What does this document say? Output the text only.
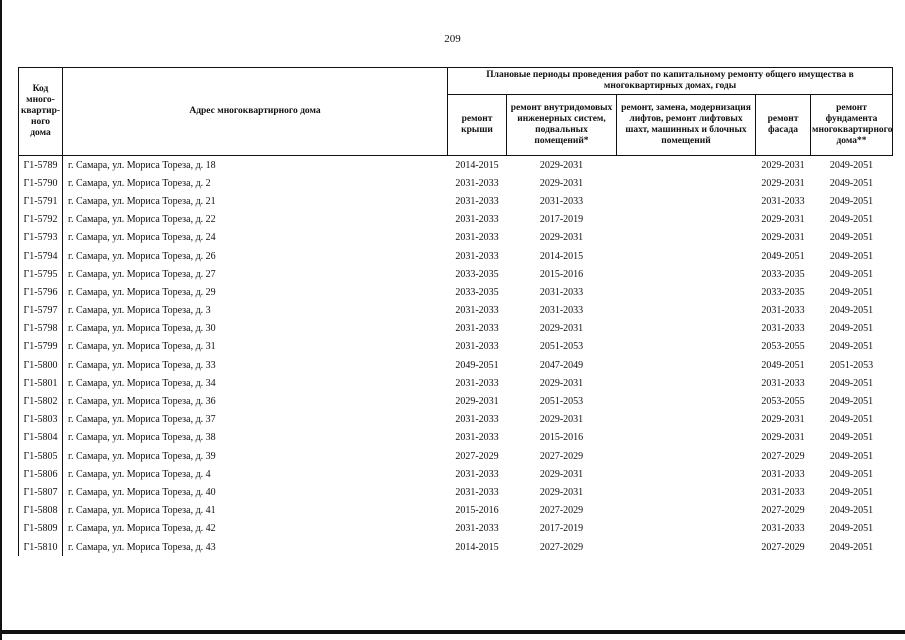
209
Код много-квартир-ного дома	Адрес многоквартирного дома	Плановые периоды проведения работ по капитальному ремонту общего имущества в многоквартирных домах, годы				
		ремонт крыши	ремонт внутридомовых инженерных систем, подвальных помещений*	ремонт, замена, модернизация лифтов, ремонт лифтовых шахт, машинных и блочных помещений	ремонт фасада	ремонт фундамента многоквартирного дома**
Г1-5789	г. Самара, ул. Мориса Тореза, д. 18	2014-2015	2029-2031		2029-2031	2049-2051
Г1-5790	г. Самара, ул. Мориса Тореза, д. 2	2031-2033	2029-2031		2029-2031	2049-2051
Г1-5791	г. Самара, ул. Мориса Тореза, д. 21	2031-2033	2031-2033		2031-2033	2049-2051
Г1-5792	г. Самара, ул. Мориса Тореза, д. 22	2031-2033	2017-2019		2029-2031	2049-2051
Г1-5793	г. Самара, ул. Мориса Тореза, д. 24	2031-2033	2029-2031		2029-2031	2049-2051
Г1-5794	г. Самара, ул. Мориса Тореза, д. 26	2031-2033	2014-2015		2049-2051	2049-2051
Г1-5795	г. Самара, ул. Мориса Тореза, д. 27	2033-2035	2015-2016		2033-2035	2049-2051
Г1-5796	г. Самара, ул. Мориса Тореза, д. 29	2033-2035	2031-2033		2033-2035	2049-2051
Г1-5797	г. Самара, ул. Мориса Тореза, д. 3	2031-2033	2031-2033		2031-2033	2049-2051
Г1-5798	г. Самара, ул. Мориса Тореза, д. 30	2031-2033	2029-2031		2031-2033	2049-2051
Г1-5799	г. Самара, ул. Мориса Тореза, д. 31	2031-2033	2051-2053		2053-2055	2049-2051
Г1-5800	г. Самара, ул. Мориса Тореза, д. 33	2049-2051	2047-2049		2049-2051	2051-2053
Г1-5801	г. Самара, ул. Мориса Тореза, д. 34	2031-2033	2029-2031		2031-2033	2049-2051
Г1-5802	г. Самара, ул. Мориса Тореза, д. 36	2029-2031	2051-2053		2053-2055	2049-2051
Г1-5803	г. Самара, ул. Мориса Тореза, д. 37	2031-2033	2029-2031		2029-2031	2049-2051
Г1-5804	г. Самара, ул. Мориса Тореза, д. 38	2031-2033	2015-2016		2029-2031	2049-2051
Г1-5805	г. Самара, ул. Мориса Тореза, д. 39	2027-2029	2027-2029		2027-2029	2049-2051
Г1-5806	г. Самара, ул. Мориса Тореза, д. 4	2031-2033	2029-2031		2031-2033	2049-2051
Г1-5807	г. Самара, ул. Мориса Тореза, д. 40	2031-2033	2029-2031		2031-2033	2049-2051
Г1-5808	г. Самара, ул. Мориса Тореза, д. 41	2015-2016	2027-2029		2027-2029	2049-2051
Г1-5809	г. Самара, ул. Мориса Тореза, д. 42	2031-2033	2017-2019		2031-2033	2049-2051
Г1-5810	г. Самара, ул. Мориса Тореза, д. 43	2014-2015	2027-2029		2027-2029	2049-2051
